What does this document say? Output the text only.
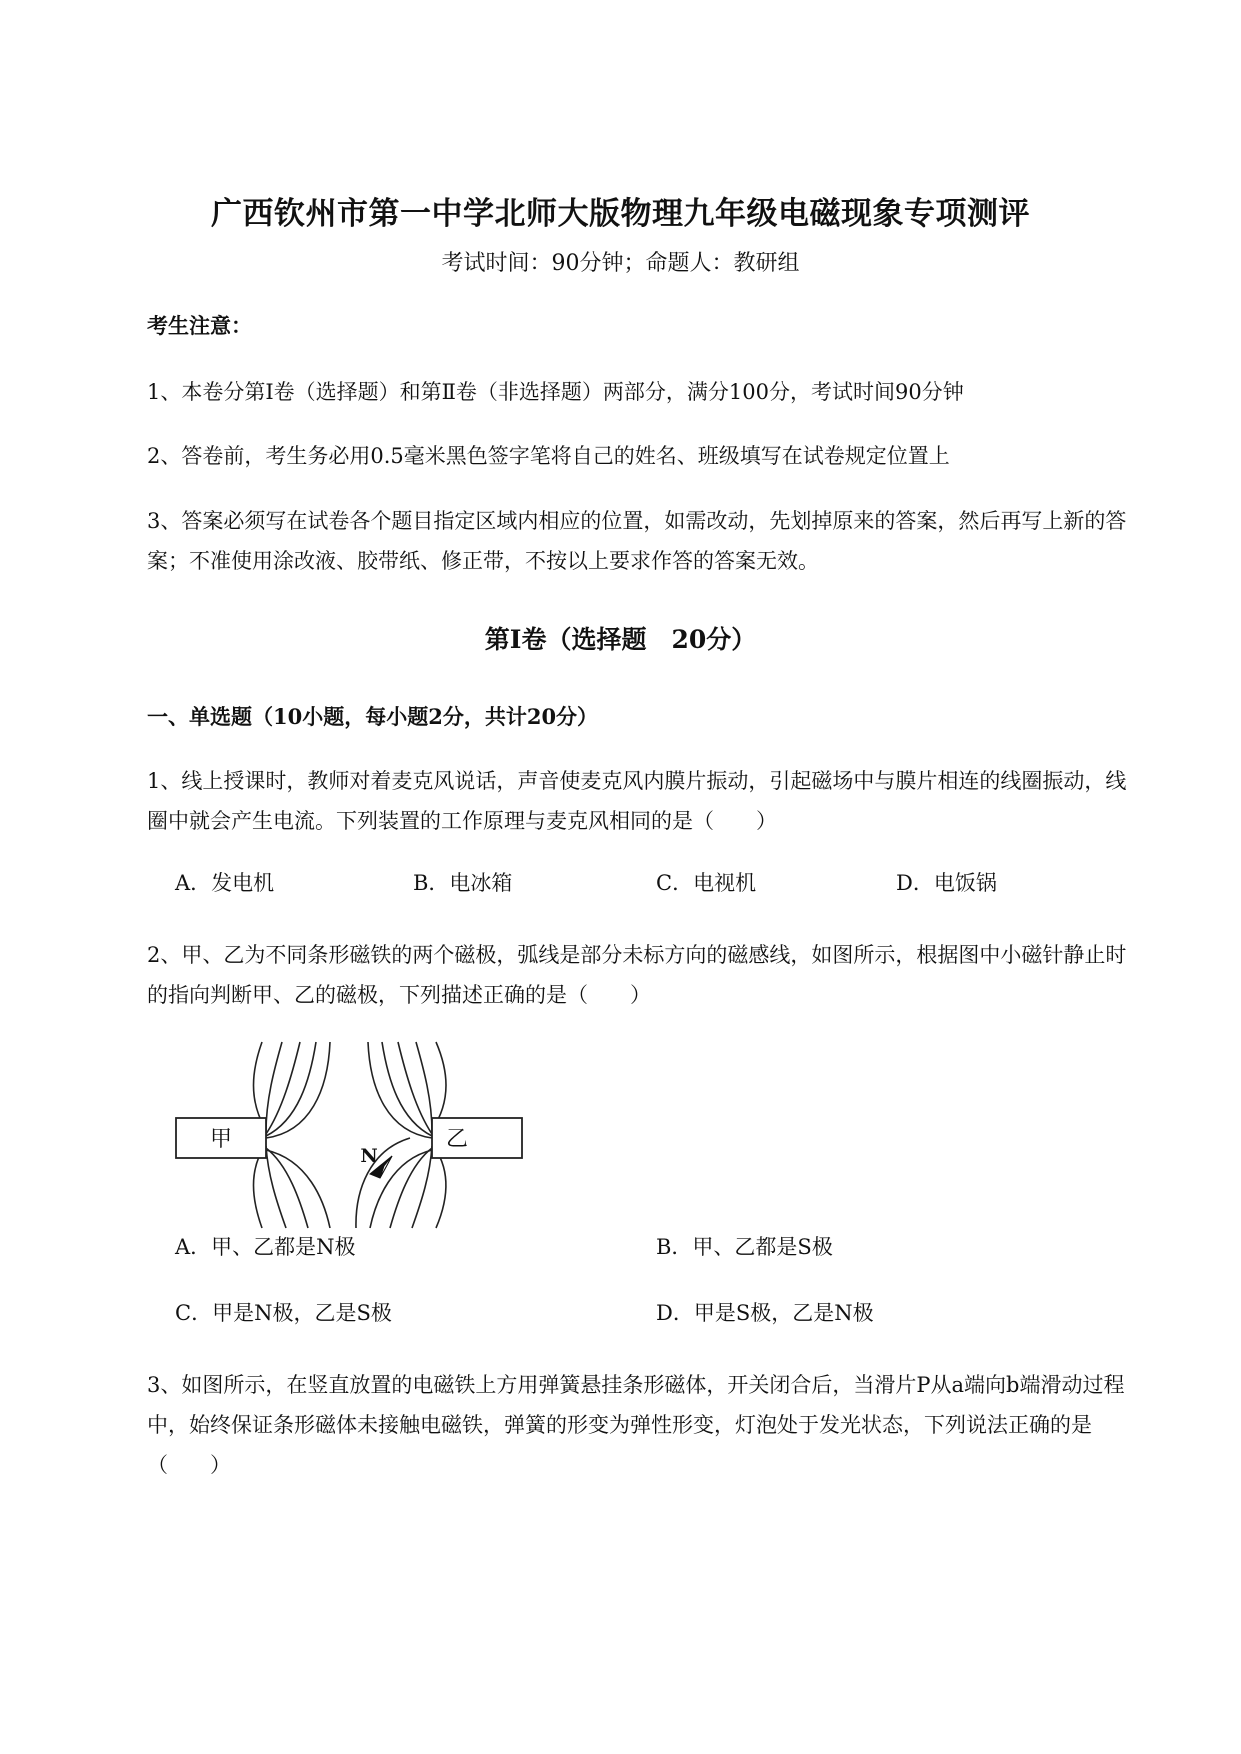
广西钦州市第一中学北师大版物理九年级电磁现象专项测评
考试时间：90分钟；命题人：教研组
考生注意：
1、本卷分第I卷（选择题）和第Ⅱ卷（非选择题）两部分，满分100分，考试时间90分钟
2、答卷前，考生务必用0.5毫米黑色签字笔将自己的姓名、班级填写在试卷规定位置上
3、答案必须写在试卷各个题目指定区域内相应的位置，如需改动，先划掉原来的答案，然后再写上新的答案；不准使用涂改液、胶带纸、修正带，不按以上要求作答的答案无效。
第I卷（选择题　20分）
一、单选题（10小题，每小题2分，共计20分）
1、线上授课时，教师对着麦克风说话，声音使麦克风内膜片振动，引起磁场中与膜片相连的线圈振动，线圈中就会产生电流。下列装置的工作原理与麦克风相同的是（　　）
A．发电机	B．电冰箱	C．电视机	D．电饭锅
2、甲、乙为不同条形磁铁的两个磁极，弧线是部分未标方向的磁感线，如图所示，根据图中小磁针静止时的指向判断甲、乙的磁极，下列描述正确的是（　　）
甲	乙
N
A．甲、乙都是N极	B．甲、乙都是S极
C．甲是N极，乙是S极	D．甲是S极，乙是N极
3、如图所示，在竖直放置的电磁铁上方用弹簧悬挂条形磁体，开关闭合后，当滑片P从a端向b端滑动过程中，始终保证条形磁体未接触电磁铁，弹簧的形变为弹性形变，灯泡处于发光状态，下列说法正确的是（　　）
